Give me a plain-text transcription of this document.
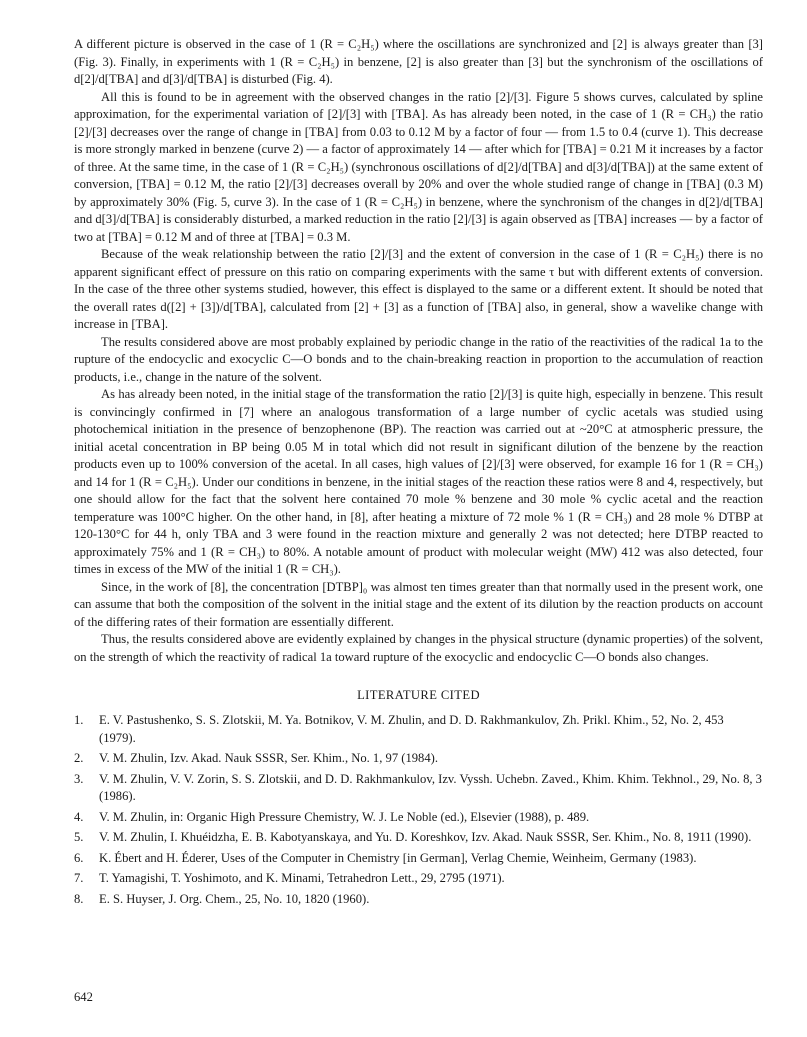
A different picture is observed in the case of 1 (R = C₂H₅) where the oscillations are synchronized and [2] is always greater than [3] (Fig. 3). Finally, in experiments with 1 (R = C₂H₅) in benzene, [2] is also greater than [3] but the synchronism of the oscillations of d[2]/d[TBA] and d[3]/d[TBA] is disturbed (Fig. 4).

All this is found to be in agreement with the observed changes in the ratio [2]/[3]. Figure 5 shows curves, calculated by spline approximation, for the experimental variation of [2]/[3] with [TBA]. As has already been noted, in the case of 1 (R = CH₃) the ratio [2]/[3] decreases over the range of change in [TBA] from 0.03 to 0.12 M by a factor of four — from 1.5 to 0.4 (curve 1). This decrease is more strongly marked in benzene (curve 2) — a factor of approximately 14 — after which for [TBA] = 0.21 M it increases by a factor of three. At the same time, in the case of 1 (R = C₂H₅) (synchronous oscillations of d[2]/d[TBA] and d[3]/d[TBA]) at the same extent of conversion, [TBA] = 0.12 M, the ratio [2]/[3] decreases overall by 20% and over the whole studied range of change in [TBA] (0.3 M) by approximately 30% (Fig. 5, curve 3). In the case of 1 (R = C₂H₅) in benzene, where the synchronism of the changes in d[2]/d[TBA] and d[3]/d[TBA] is considerably disturbed, a marked reduction in the ratio [2]/[3] is again observed as [TBA] increases — by a factor of two at [TBA] = 0.12 M and of three at [TBA] = 0.3 M.

Because of the weak relationship between the ratio [2]/[3] and the extent of conversion in the case of 1 (R = C₂H₅) there is no apparent significant effect of pressure on this ratio on comparing experiments with the same τ but with different extents of conversion. In the case of the three other systems studied, however, this effect is displayed to the same or a different extent. It should be noted that the overall rates d([2] + [3])/d[TBA], calculated from [2] + [3] as a function of [TBA] also, in general, show a wavelike change with increase in [TBA].

The results considered above are most probably explained by periodic change in the ratio of the reactivities of the radical 1a to the rupture of the endocyclic and exocyclic C—O bonds and to the chain-breaking reaction in proportion to the accumulation of reaction products, i.e., change in the nature of the solvent.

As has already been noted, in the initial stage of the transformation the ratio [2]/[3] is quite high, especially in benzene. This result is convincingly confirmed in [7] where an analogous transformation of a large number of cyclic acetals was studied using photochemical initiation in the presence of benzophenone (BP). The reaction was carried out at ~20°C at atmospheric pressure, the initial acetal concentration in BP being 0.05 M in total which did not result in significant dilution of the benzene by the reaction products even up to 100% conversion of the acetal. In all cases, high values of [2]/[3] were observed, for example 16 for 1 (R = CH₃) and 14 for 1 (R = C₂H₅). Under our conditions in benzene, in the initial stages of the reaction these ratios were 8 and 4, respectively, but one should allow for the fact that the solvent here contained 70 mole % benzene and 30 mole % cyclic acetal and the reaction temperature was 100°C higher. On the other hand, in [8], after heating a mixture of 72 mole % 1 (R = CH₃) and 28 mole % DTBP at 120-130°C for 44 h, only TBA and 3 were found in the reaction mixture and generally 2 was not detected; here DTBP reacted to approximately 75% and 1 (R = CH₃) to 80%. A notable amount of product with molecular weight (MW) 412 was also detected, four times in excess of the MW of the initial 1 (R = CH₃).

Since, in the work of [8], the concentration [DTBP]₀ was almost ten times greater than that normally used in the present work, one can assume that both the composition of the solvent in the initial stage and the extent of its dilution by the reaction products on account of the differing rates of their formation are essentially different.

Thus, the results considered above are evidently explained by changes in the physical structure (dynamic properties) of the solvent, on the strength of which the reactivity of radical 1a toward rupture of the exocyclic and endocyclic C—O bonds also changes.

LITERATURE CITED
1. E. V. Pastushenko, S. S. Zlotskii, M. Ya. Botnikov, V. M. Zhulin, and D. D. Rakhmankulov, Zh. Prikl. Khim., 52, No. 2, 453 (1979).
2. V. M. Zhulin, Izv. Akad. Nauk SSSR, Ser. Khim., No. 1, 97 (1984).
3. V. M. Zhulin, V. V. Zorin, S. S. Zlotskii, and D. D. Rakhmankulov, Izv. Vyssh. Uchebn. Zaved., Khim. Khim. Tekhnol., 29, No. 8, 3 (1986).
4. V. M. Zhulin, in: Organic High Pressure Chemistry, W. J. Le Noble (ed.), Elsevier (1988), p. 489.
5. V. M. Zhulin, I. Khuéidzha, E. B. Kabotyanskaya, and Yu. D. Koreshkov, Izv. Akad. Nauk SSSR, Ser. Khim., No. 8, 1911 (1990).
6. K. Ébert and H. Éderer, Uses of the Computer in Chemistry [in German], Verlag Chemie, Weinheim, Germany (1983).
7. T. Yamagishi, T. Yoshimoto, and K. Minami, Tetrahedron Lett., 29, 2795 (1971).
8. E. S. Huyser, J. Org. Chem., 25, No. 10, 1820 (1960).
642
